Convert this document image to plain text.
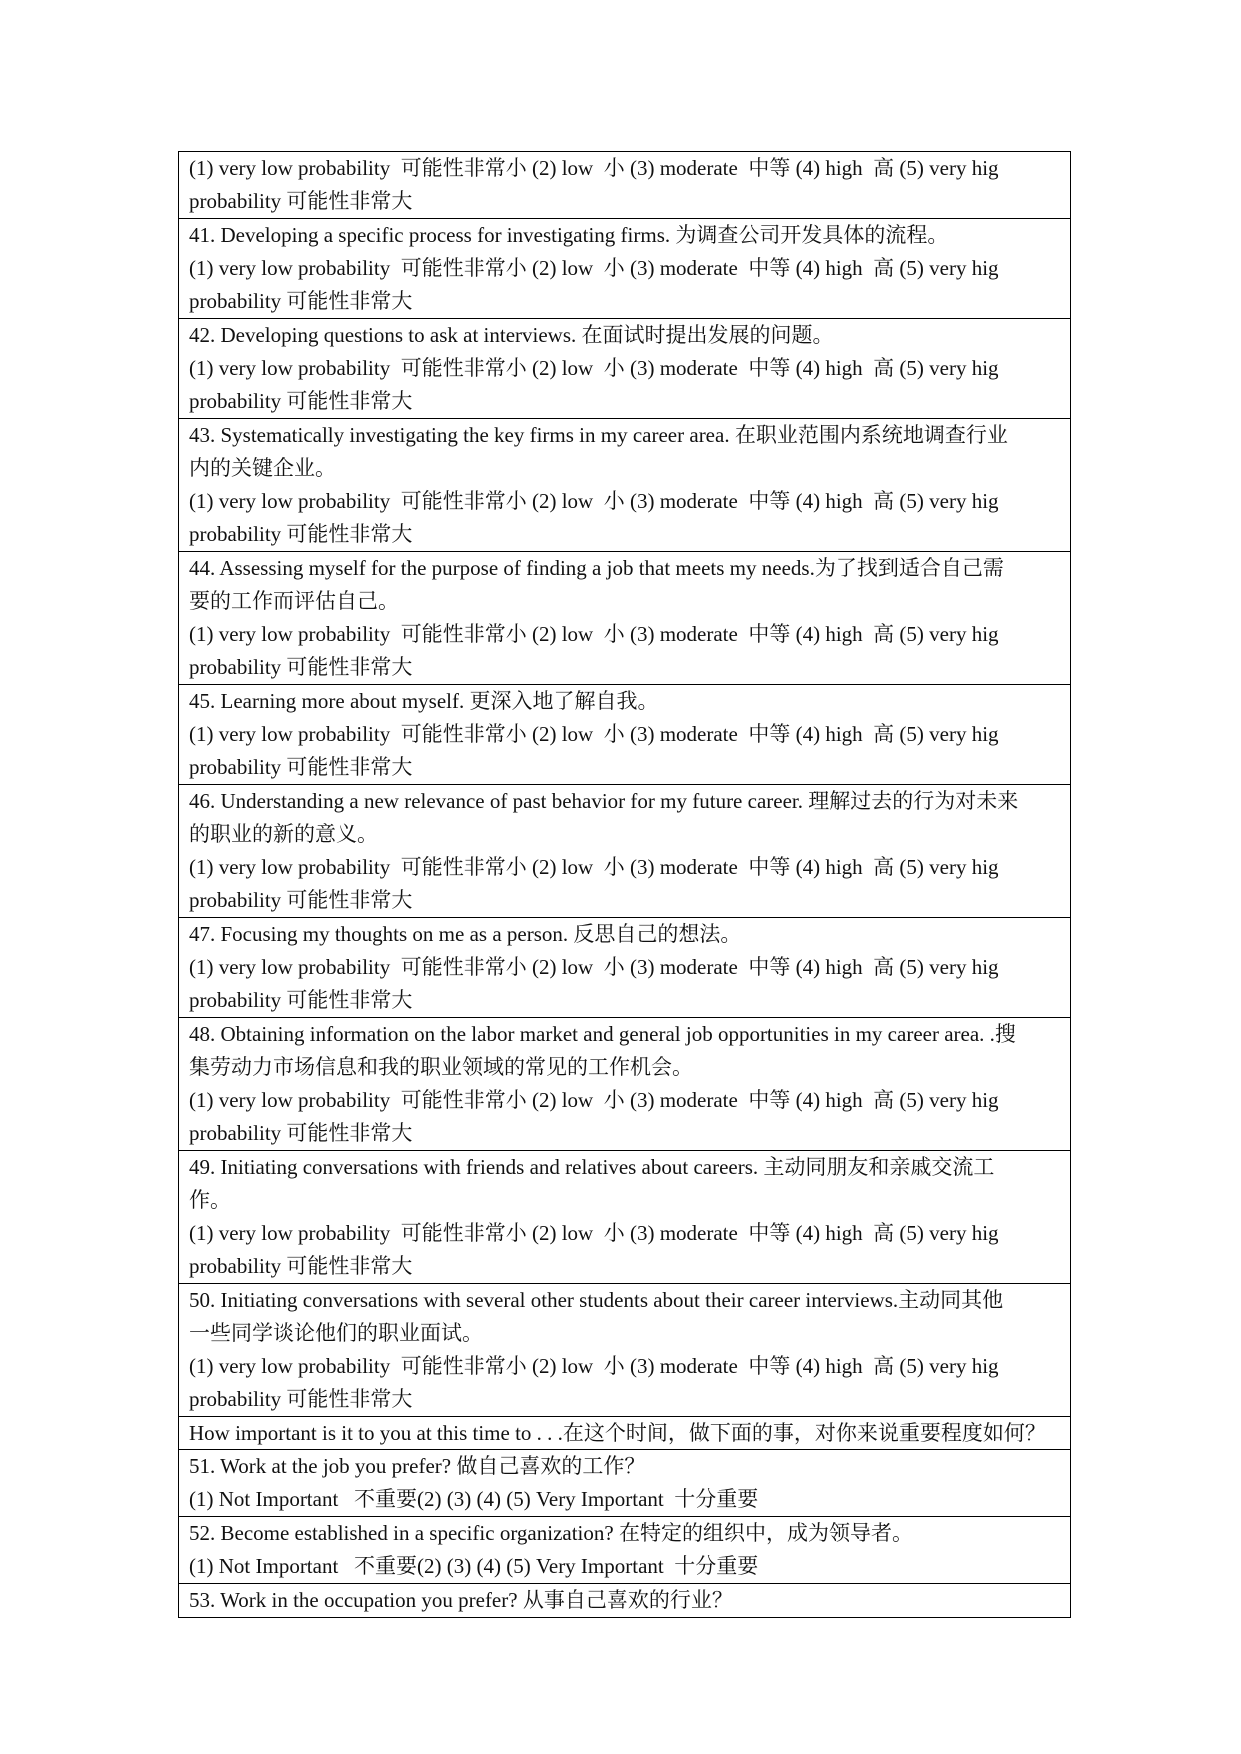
(1) very low probability  可能性非常小 (2) low  小 (3) moderate  中等 (4) high  高 (5) very hig
probability 可能性非常大
41. Developing a specific process for investigating firms. 为调查公司开发具体的流程。
(1) very low probability  可能性非常小 (2) low  小 (3) moderate  中等 (4) high  高 (5) very hig
probability 可能性非常大
42. Developing questions to ask at interviews. 在面试时提出发展的问题。
(1) very low probability  可能性非常小 (2) low  小 (3) moderate  中等 (4) high  高 (5) very hig
probability 可能性非常大
43. Systematically investigating the key firms in my career area. 在职业范围内系统地调查行业
内的关键企业。
(1) very low probability  可能性非常小 (2) low  小 (3) moderate  中等 (4) high  高 (5) very hig
probability 可能性非常大
44. Assessing myself for the purpose of finding a job that meets my needs.为了找到适合自己需
要的工作而评估自己。
(1) very low probability  可能性非常小 (2) low  小 (3) moderate  中等 (4) high  高 (5) very hig
probability 可能性非常大
45. Learning more about myself. 更深入地了解自我。
(1) very low probability  可能性非常小 (2) low  小 (3) moderate  中等 (4) high  高 (5) very hig
probability 可能性非常大
46. Understanding a new relevance of past behavior for my future career. 理解过去的行为对未来
的职业的新的意义。
(1) very low probability  可能性非常小 (2) low  小 (3) moderate  中等 (4) high  高 (5) very hig
probability 可能性非常大
47. Focusing my thoughts on me as a person. 反思自己的想法。
(1) very low probability  可能性非常小 (2) low  小 (3) moderate  中等 (4) high  高 (5) very hig
probability 可能性非常大
48. Obtaining information on the labor market and general job opportunities in my career area. .搜
集劳动力市场信息和我的职业领域的常见的工作机会。
(1) very low probability  可能性非常小 (2) low  小 (3) moderate  中等 (4) high  高 (5) very hig
probability 可能性非常大
49. Initiating conversations with friends and relatives about careers. 主动同朋友和亲戚交流工
作。
(1) very low probability  可能性非常小 (2) low  小 (3) moderate  中等 (4) high  高 (5) very hig
probability 可能性非常大
50. Initiating conversations with several other students about their career interviews.主动同其他
一些同学谈论他们的职业面试。
(1) very low probability  可能性非常小 (2) low  小 (3) moderate  中等 (4) high  高 (5) very hig
probability 可能性非常大
How important is it to you at this time to . . .在这个时间，做下面的事，对你来说重要程度如何？
51. Work at the job you prefer? 做自己喜欢的工作？
(1) Not Important   不重要(2) (3) (4) (5) Very Important  十分重要
52. Become established in a specific organization? 在特定的组织中，成为领导者。
(1) Not Important   不重要(2) (3) (4) (5) Very Important  十分重要
53. Work in the occupation you prefer? 从事自己喜欢的行业？
